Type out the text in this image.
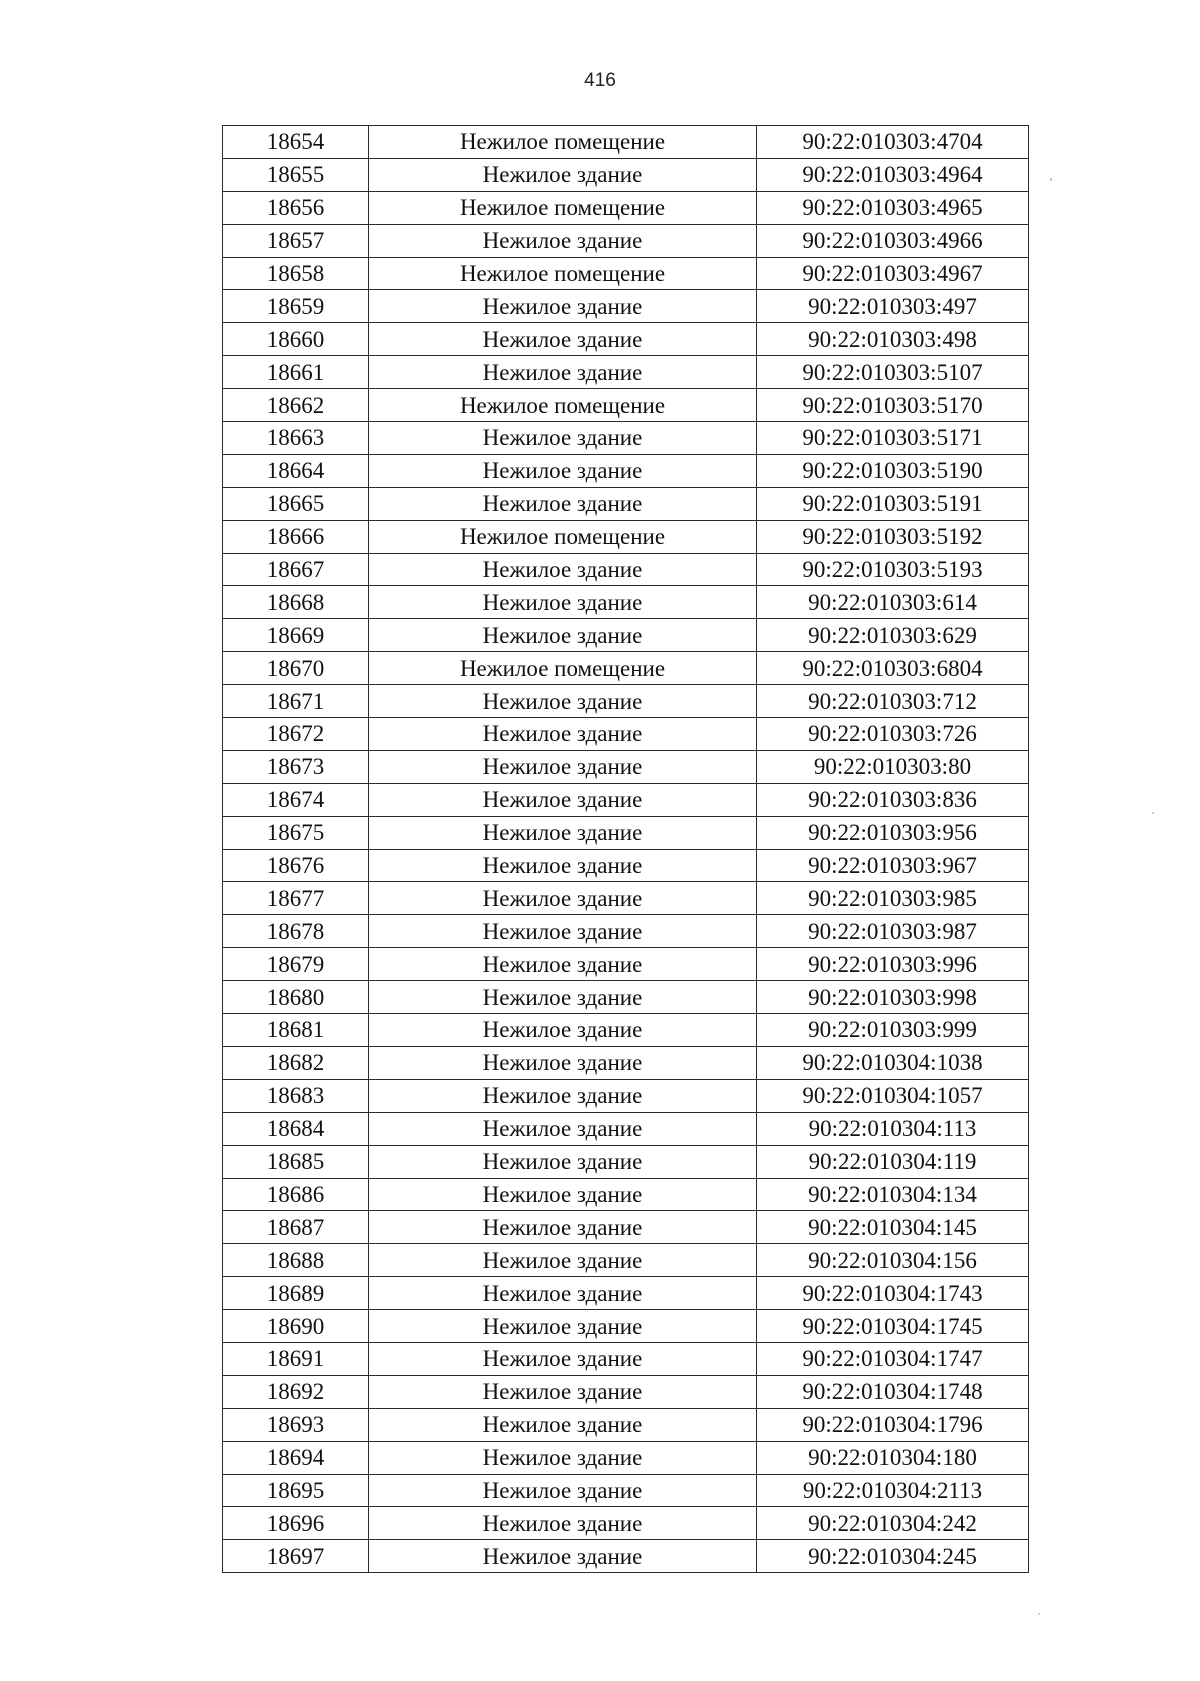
416
18654	Нежилое помещение	90:22:010303:4704
18655	Нежилое здание	90:22:010303:4964
18656	Нежилое помещение	90:22:010303:4965
18657	Нежилое здание	90:22:010303:4966
18658	Нежилое помещение	90:22:010303:4967
18659	Нежилое здание	90:22:010303:497
18660	Нежилое здание	90:22:010303:498
18661	Нежилое здание	90:22:010303:5107
18662	Нежилое помещение	90:22:010303:5170
18663	Нежилое здание	90:22:010303:5171
18664	Нежилое здание	90:22:010303:5190
18665	Нежилое здание	90:22:010303:5191
18666	Нежилое помещение	90:22:010303:5192
18667	Нежилое здание	90:22:010303:5193
18668	Нежилое здание	90:22:010303:614
18669	Нежилое здание	90:22:010303:629
18670	Нежилое помещение	90:22:010303:6804
18671	Нежилое здание	90:22:010303:712
18672	Нежилое здание	90:22:010303:726
18673	Нежилое здание	90:22:010303:80
18674	Нежилое здание	90:22:010303:836
18675	Нежилое здание	90:22:010303:956
18676	Нежилое здание	90:22:010303:967
18677	Нежилое здание	90:22:010303:985
18678	Нежилое здание	90:22:010303:987
18679	Нежилое здание	90:22:010303:996
18680	Нежилое здание	90:22:010303:998
18681	Нежилое здание	90:22:010303:999
18682	Нежилое здание	90:22:010304:1038
18683	Нежилое здание	90:22:010304:1057
18684	Нежилое здание	90:22:010304:113
18685	Нежилое здание	90:22:010304:119
18686	Нежилое здание	90:22:010304:134
18687	Нежилое здание	90:22:010304:145
18688	Нежилое здание	90:22:010304:156
18689	Нежилое здание	90:22:010304:1743
18690	Нежилое здание	90:22:010304:1745
18691	Нежилое здание	90:22:010304:1747
18692	Нежилое здание	90:22:010304:1748
18693	Нежилое здание	90:22:010304:1796
18694	Нежилое здание	90:22:010304:180
18695	Нежилое здание	90:22:010304:2113
18696	Нежилое здание	90:22:010304:242
18697	Нежилое здание	90:22:010304:245
